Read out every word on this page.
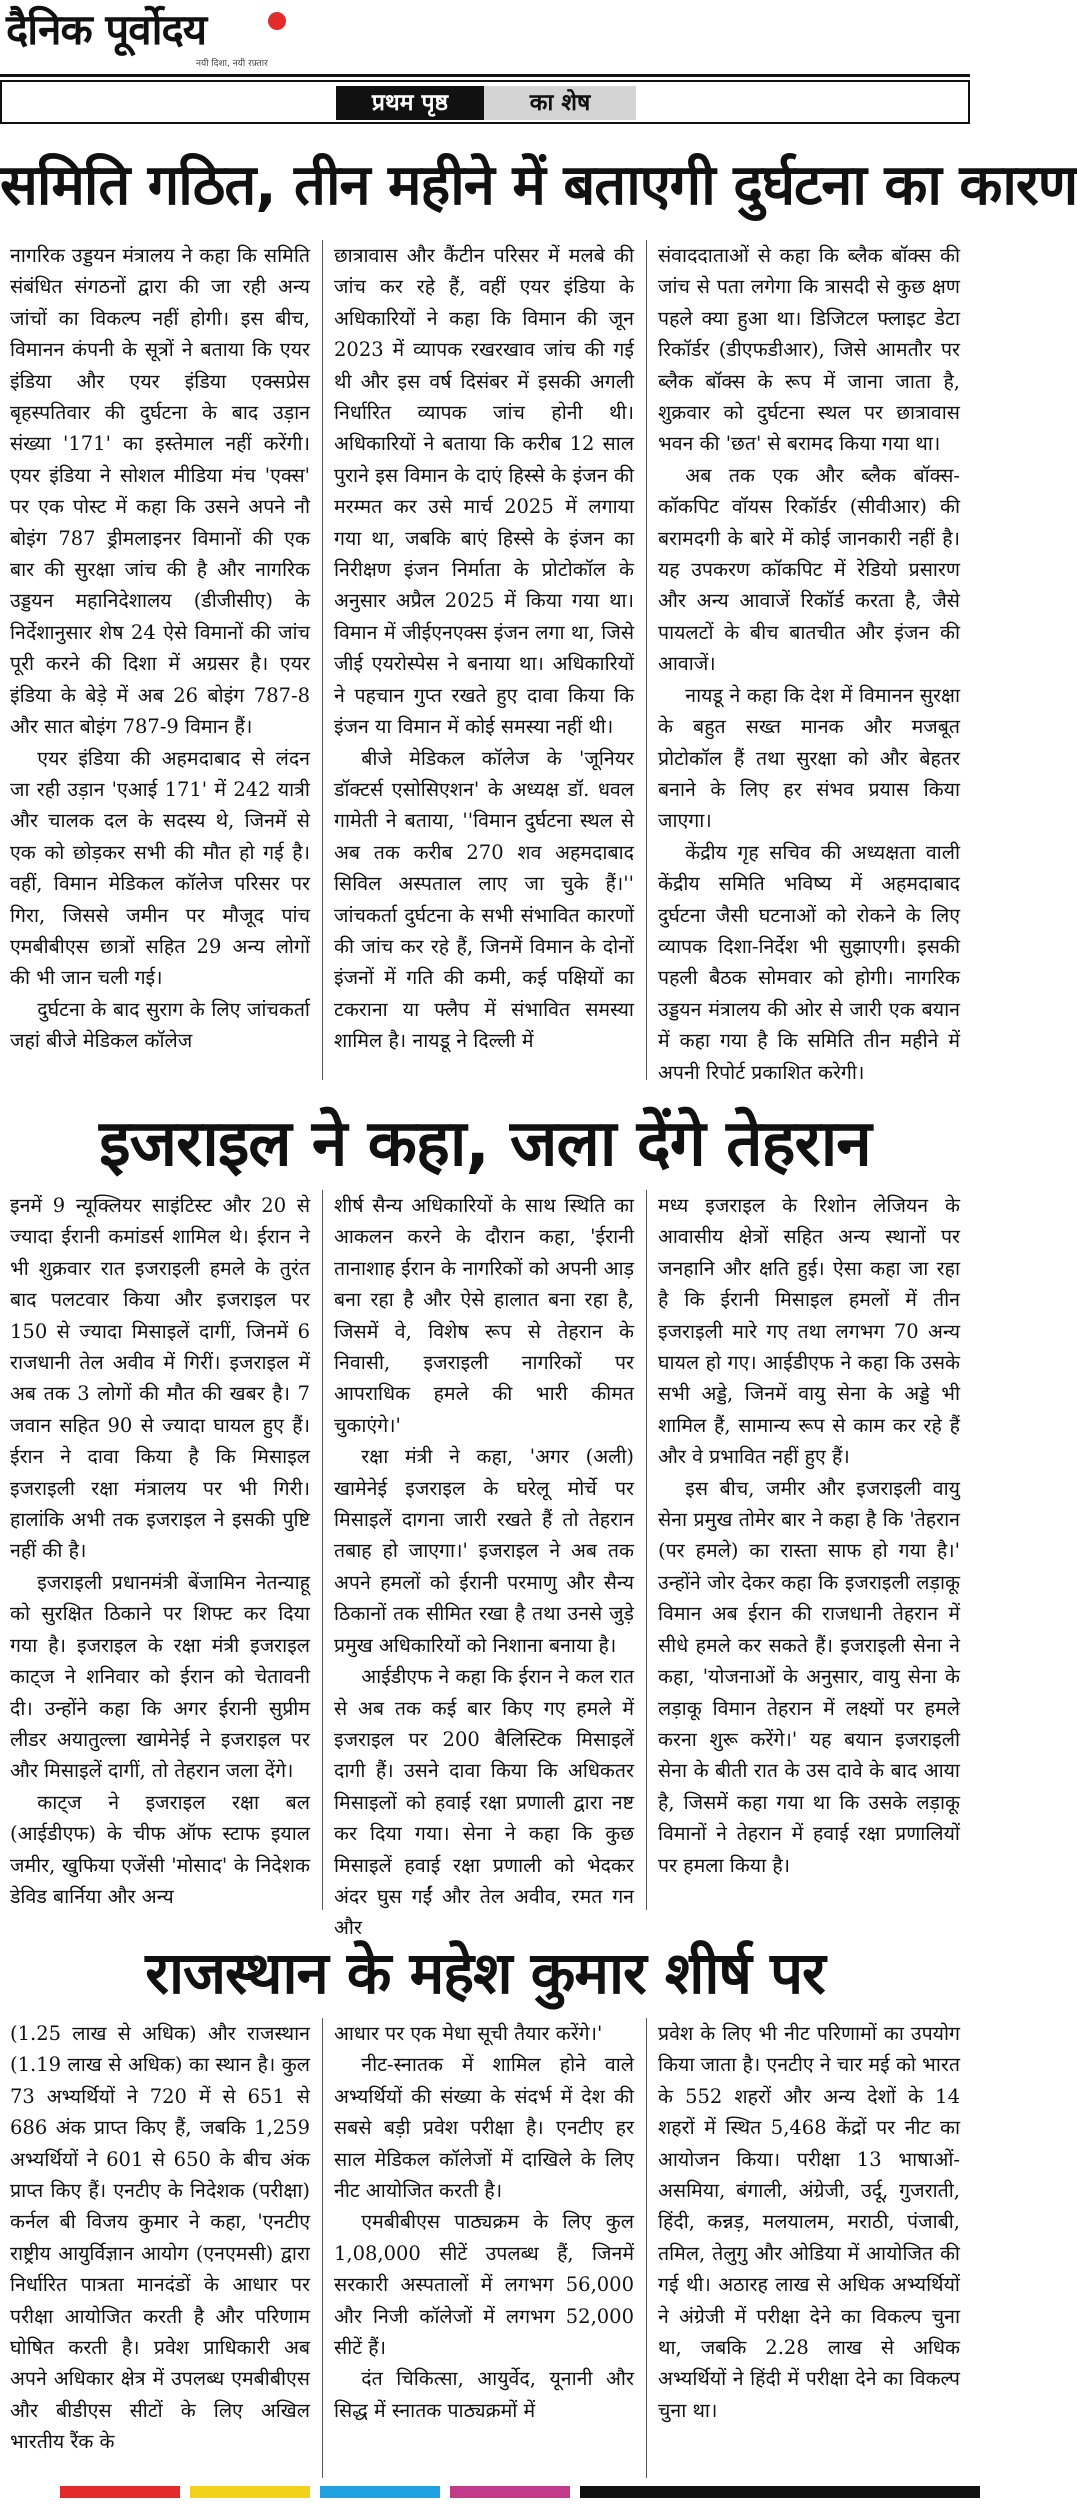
दैनिक पूर्वोदय
नयी दिशा, नयी रफ़्तार
प्रथम पृष्ठ	का शेष
समिति गठित, तीन महीने में बताएगी दुर्घटना का कारण

नागरिक उड्डयन मंत्रालय ने कहा कि समिति संबंधित संगठनों द्वारा की जा रही अन्य जांचों का विकल्प नहीं होगी। इस बीच, विमानन कंपनी के सूत्रों ने बताया कि एयर इंडिया और एयर इंडिया एक्सप्रेस बृहस्पतिवार की दुर्घटना के बाद उड़ान संख्या '171' का इस्तेमाल नहीं करेंगी। एयर इंडिया ने सोशल मीडिया मंच 'एक्स' पर एक पोस्ट में कहा कि उसने अपने नौ बोइंग 787 ड्रीमलाइनर विमानों की एक बार की सुरक्षा जांच की है और नागरिक उड्डयन महानिदेशालय (डीजीसीए) के निर्देशानुसार शेष 24 ऐसे विमानों की जांच पूरी करने की दिशा में अग्रसर है। एयर इंडिया के बेड़े में अब 26 बोइंग 787-8 और सात बोइंग 787-9 विमान हैं।

एयर इंडिया की अहमदाबाद से लंदन जा रही उड़ान 'एआई 171' में 242 यात्री और चालक दल के सदस्य थे, जिनमें से एक को छोड़कर सभी की मौत हो गई है। वहीं, विमान मेडिकल कॉलेज परिसर पर गिरा, जिससे जमीन पर मौजूद पांच एमबीबीएस छात्रों सहित 29 अन्य लोगों की भी जान चली गई।

दुर्घटना के बाद सुराग के लिए जांचकर्ता जहां बीजे मेडिकल कॉलेज

छात्रावास और कैंटीन परिसर में मलबे की जांच कर रहे हैं, वहीं एयर इंडिया के अधिकारियों ने कहा कि विमान की जून 2023 में व्यापक रखरखाव जांच की गई थी और इस वर्ष दिसंबर में इसकी अगली निर्धारित व्यापक जांच होनी थी। अधिकारियों ने बताया कि करीब 12 साल पुराने इस विमान के दाएं हिस्से के इंजन की मरम्मत कर उसे मार्च 2025 में लगाया गया था, जबकि बाएं हिस्से के इंजन का निरीक्षण इंजन निर्माता के प्रोटोकॉल के अनुसार अप्रैल 2025 में किया गया था। विमान में जीईएनएक्स इंजन लगा था, जिसे जीई एयरोस्पेस ने बनाया था। अधिकारियों ने पहचान गुप्त रखते हुए दावा किया कि इंजन या विमान में कोई समस्या नहीं थी।

बीजे मेडिकल कॉलेज के 'जूनियर डॉक्टर्स एसोसिएशन' के अध्यक्ष डॉ. धवल गामेती ने बताया, ''विमान दुर्घटना स्थल से अब तक करीब 270 शव अहमदाबाद सिविल अस्पताल लाए जा चुके हैं।'' जांचकर्ता दुर्घटना के सभी संभावित कारणों की जांच कर रहे हैं, जिनमें विमान के दोनों इंजनों में गति की कमी, कई पक्षियों का टकराना या फ्लैप में संभावित समस्या शामिल है। नायडू ने दिल्ली में

संवाददाताओं से कहा कि ब्लैक बॉक्स की जांच से पता लगेगा कि त्रासदी से कुछ क्षण पहले क्या हुआ था। डिजिटल फ्लाइट डेटा रिकॉर्डर (डीएफडीआर), जिसे आमतौर पर ब्लैक बॉक्स के रूप में जाना जाता है, शुक्रवार को दुर्घटना स्थल पर छात्रावास भवन की 'छत' से बरामद किया गया था।

अब तक एक और ब्लैक बॉक्स- कॉकपिट वॉयस रिकॉर्डर (सीवीआर) की बरामदगी के बारे में कोई जानकारी नहीं है। यह उपकरण कॉकपिट में रेडियो प्रसारण और अन्य आवाजें रिकॉर्ड करता है, जैसे पायलटों के बीच बातचीत और इंजन की आवाजें।

नायडू ने कहा कि देश में विमानन सुरक्षा के बहुत सख्त मानक और मजबूत प्रोटोकॉल हैं तथा सुरक्षा को और बेहतर बनाने के लिए हर संभव प्रयास किया जाएगा।

केंद्रीय गृह सचिव की अध्यक्षता वाली केंद्रीय समिति भविष्य में अहमदाबाद दुर्घटना जैसी घटनाओं को रोकने के लिए व्यापक दिशा-निर्देश भी सुझाएगी। इसकी पहली बैठक सोमवार को होगी। नागरिक उड्डयन मंत्रालय की ओर से जारी एक बयान में कहा गया है कि समिति तीन महीने में अपनी रिपोर्ट प्रकाशित करेगी।

इजराइल ने कहा, जला देंगे तेहरान

इनमें 9 न्यूक्लियर साइंटिस्ट और 20 से ज्यादा ईरानी कमांडर्स शामिल थे। ईरान ने भी शुक्रवार रात इजराइली हमले के तुरंत बाद पलटवार किया और इजराइल पर 150 से ज्यादा मिसाइलें दागीं, जिनमें 6 राजधानी तेल अवीव में गिरीं। इजराइल में अब तक 3 लोगों की मौत की खबर है। 7 जवान सहित 90 से ज्यादा घायल हुए हैं। ईरान ने दावा किया है कि मिसाइल इजराइली रक्षा मंत्रालय पर भी गिरी। हालांकि अभी तक इजराइल ने इसकी पुष्टि नहीं की है।

इजराइली प्रधानमंत्री बेंजामिन नेतन्याहू को सुरक्षित ठिकाने पर शिफ्ट कर दिया गया है। इजराइल के रक्षा मंत्री इजराइल काट्ज ने शनिवार को ईरान को चेतावनी दी। उन्होंने कहा कि अगर ईरानी सुप्रीम लीडर अयातुल्ला खामेनेई ने इजराइल पर और मिसाइलें दागीं, तो तेहरान जला देंगे।

काट्ज ने इजराइल रक्षा बल (आईडीएफ) के चीफ ऑफ स्टाफ इयाल जमीर, खुफिया एजेंसी 'मोसाद' के निदेशक डेविड बार्निया और अन्य

शीर्ष सैन्य अधिकारियों के साथ स्थिति का आकलन करने के दौरान कहा, 'ईरानी तानाशाह ईरान के नागरिकों को अपनी आड़ बना रहा है और ऐसे हालात बना रहा है, जिसमें वे, विशेष रूप से तेहरान के निवासी, इजराइली नागरिकों पर आपराधिक हमले की भारी कीमत चुकाएंगे।'

रक्षा मंत्री ने कहा, 'अगर (अली) खामेनेई इजराइल के घरेलू मोर्चे पर मिसाइलें दागना जारी रखते हैं तो तेहरान तबाह हो जाएगा।' इजराइल ने अब तक अपने हमलों को ईरानी परमाणु और सैन्य ठिकानों तक सीमित रखा है तथा उनसे जुड़े प्रमुख अधिकारियों को निशाना बनाया है।

आईडीएफ ने कहा कि ईरान ने कल रात से अब तक कई बार किए गए हमले में इजराइल पर 200 बैलिस्टिक मिसाइलें दागी हैं। उसने दावा किया कि अधिकतर मिसाइलों को हवाई रक्षा प्रणाली द्वारा नष्ट कर दिया गया। सेना ने कहा कि कुछ मिसाइलें हवाई रक्षा प्रणाली को भेदकर अंदर घुस गईं और तेल अवीव, रमत गन और

मध्य इजराइल के रिशोन लेजियन के आवासीय क्षेत्रों सहित अन्य स्थानों पर जनहानि और क्षति हुई। ऐसा कहा जा रहा है कि ईरानी मिसाइल हमलों में तीन इजराइली मारे गए तथा लगभग 70 अन्य घायल हो गए। आईडीएफ ने कहा कि उसके सभी अड्डे, जिनमें वायु सेना के अड्डे भी शामिल हैं, सामान्य रूप से काम कर रहे हैं और वे प्रभावित नहीं हुए हैं।

इस बीच, जमीर और इजराइली वायु सेना प्रमुख तोमेर बार ने कहा है कि 'तेहरान (पर हमले) का रास्ता साफ हो गया है।' उन्होंने जोर देकर कहा कि इजराइली लड़ाकू विमान अब ईरान की राजधानी तेहरान में सीधे हमले कर सकते हैं। इजराइली सेना ने कहा, 'योजनाओं के अनुसार, वायु सेना के लड़ाकू विमान तेहरान में लक्ष्यों पर हमले करना शुरू करेंगे।' यह बयान इजराइली सेना के बीती रात के उस दावे के बाद आया है, जिसमें कहा गया था कि उसके लड़ाकू विमानों ने तेहरान में हवाई रक्षा प्रणालियों पर हमला किया है।

राजस्थान के महेश कुमार शीर्ष पर

(1.25 लाख से अधिक) और राजस्थान (1.19 लाख से अधिक) का स्थान है। कुल 73 अभ्यर्थियों ने 720 में से 651 से 686 अंक प्राप्त किए हैं, जबकि 1,259 अभ्यर्थियों ने 601 से 650 के बीच अंक प्राप्त किए हैं। एनटीए के निदेशक (परीक्षा) कर्नल बी विजय कुमार ने कहा, 'एनटीए राष्ट्रीय आयुर्विज्ञान आयोग (एनएमसी) द्वारा निर्धारित पात्रता मानदंडों के आधार पर परीक्षा आयोजित करती है और परिणाम घोषित करती है। प्रवेश प्राधिकारी अब अपने अधिकार क्षेत्र में उपलब्ध एमबीबीएस और बीडीएस सीटों के लिए अखिल भारतीय रैंक के

आधार पर एक मेधा सूची तैयार करेंगे।'

नीट-स्नातक में शामिल होने वाले अभ्यर्थियों की संख्या के संदर्भ में देश की सबसे बड़ी प्रवेश परीक्षा है। एनटीए हर साल मेडिकल कॉलेजों में दाखिले के लिए नीट आयोजित करती है।

एमबीबीएस पाठ्यक्रम के लिए कुल 1,08,000 सीटें उपलब्ध हैं, जिनमें सरकारी अस्पतालों में लगभग 56,000 और निजी कॉलेजों में लगभग 52,000 सीटें हैं।

दंत चिकित्सा, आयुर्वेद, यूनानी और सिद्ध में स्नातक पाठ्यक्रमों में

प्रवेश के लिए भी नीट परिणामों का उपयोग किया जाता है। एनटीए ने चार मई को भारत के 552 शहरों और अन्य देशों के 14 शहरों में स्थित 5,468 केंद्रों पर नीट का आयोजन किया। परीक्षा 13 भाषाओं- असमिया, बंगाली, अंग्रेजी, उर्दू, गुजराती, हिंदी, कन्नड़, मलयालम, मराठी, पंजाबी, तमिल, तेलुगु और ओडिया में आयोजित की गई थी। अठारह लाख से अधिक अभ्यर्थियों ने अंग्रेजी में परीक्षा देने का विकल्प चुना था, जबकि 2.28 लाख से अधिक अभ्यर्थियों ने हिंदी में परीक्षा देने का विकल्प चुना था।
